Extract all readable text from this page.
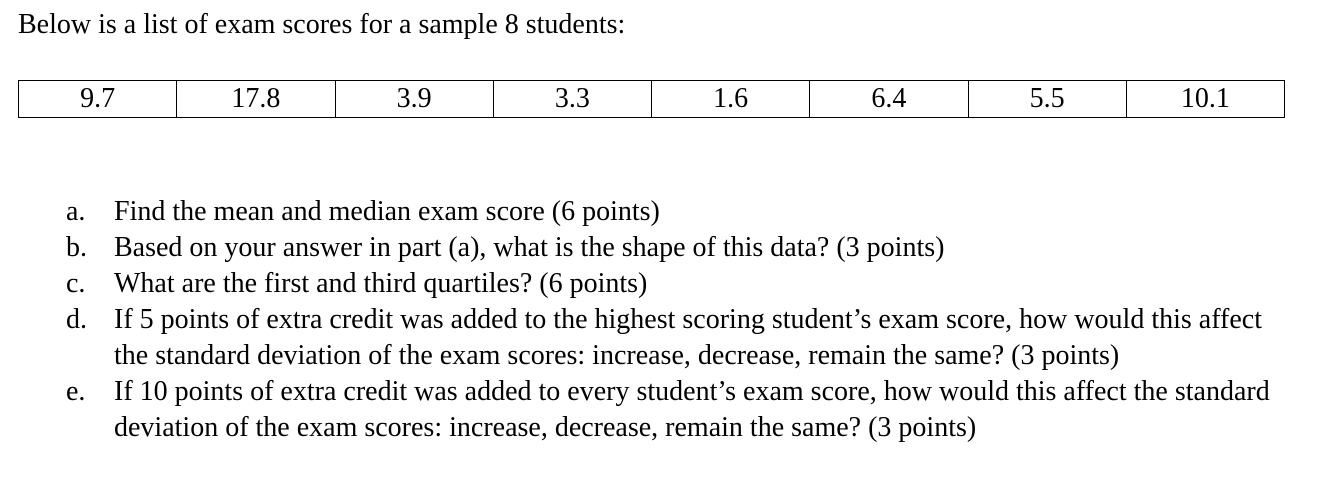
Below is a list of exam scores for a sample 8 students:
9.7	17.8	3.9	3.3	1.6	6.4	5.5	10.1
a.	Find the mean and median exam score (6 points)
b. Based on your answer in part (a), what is the shape of this data? (3 points)
c.	What are the first and third quartiles? (6 points)
d. If 5 points of extra credit was added to the highest scoring student’s exam score, how would this affect the standard deviation of the exam scores: increase, decrease, remain the same? (3 points)
e.	If 10 points of extra credit was added to every student’s exam score, how would this affect the standard deviation of the exam scores: increase, decrease, remain the same? (3 points)
